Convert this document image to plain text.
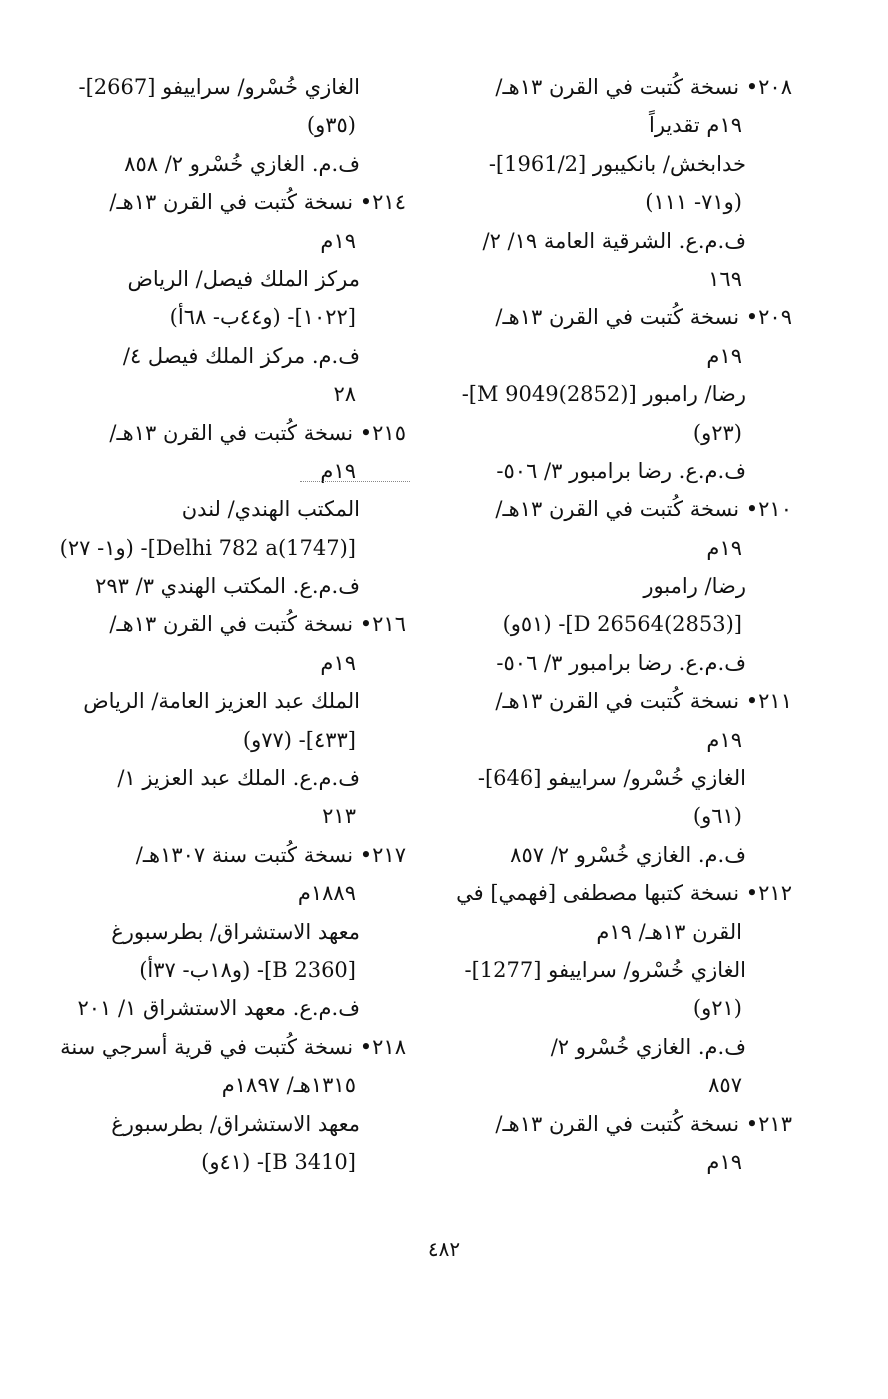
٢٠٨• نسخة كُتبت في القرن ١٣هـ/
١٩م تقديراً
خدابخش/ بانكيبور [1961/2]-
(و٧١- ١١١)
ف.م.ع. الشرقية العامة ١٩/ ٢/
١٦٩
٢٠٩• نسخة كُتبت في القرن ١٣هـ/
١٩م
رضا/ رامبور [M 9049(2852)]-
(٢٣و)
ف.م.ع. رضا برامبور ٣/ ٥٠٦-
٢١٠• نسخة كُتبت في القرن ١٣هـ/
١٩م
رضا/ رامبور
[D 26564(2853)]- (٥١و)
ف.م.ع. رضا برامبور ٣/ ٥٠٦-
٢١١• نسخة كُتبت في القرن ١٣هـ/
١٩م
الغازي خُسْرو/ سراييفو [646]-
(٦١و)
ف.م. الغازي خُسْرو ٢/ ٨٥٧
٢١٢• نسخة كتبها مصطفى [فهمي] في
القرن ١٣هـ/ ١٩م
الغازي خُسْرو/ سراييفو [1277]-
(٢١و)
ف.م. الغازي خُسْرو ٢/
٨٥٧
٢١٣• نسخة كُتبت في القرن ١٣هـ/
١٩م
الغازي خُسْرو/ سراييفو [2667]-
(٣٥و)
ف.م. الغازي خُسْرو ٢/ ٨٥٨
٢١٤• نسخة كُتبت في القرن ١٣هـ/
١٩م
مركز الملك فيصل/ الرياض
[١٠٢٢]- (و٤٤ب- ٦٨أ)
ف.م. مركز الملك فيصل ٤/
٢٨
٢١٥• نسخة كُتبت في القرن ١٣هـ/
١٩م
المكتب الهندي/ لندن
[Delhi 782 a(1747)]- (و١- ٢٧)
ف.م.ع. المكتب الهندي ٣/ ٢٩٣
٢١٦• نسخة كُتبت في القرن ١٣هـ/
١٩م
الملك عبد العزيز العامة/ الرياض
[٤٣٣]- (٧٧و)
ف.م.ع. الملك عبد العزيز ١/
٢١٣
٢١٧• نسخة كُتبت سنة ١٣٠٧هـ/
١٨٨٩م
معهد الاستشراق/ بطرسبورغ
[B 2360]- (و١٨ب- ٣٧أ)
ف.م.ع. معهد الاستشراق ١/ ٢٠١
٢١٨• نسخة كُتبت في قرية أسرجي سنة
١٣١٥هـ/ ١٨٩٧م
معهد الاستشراق/ بطرسبورغ
[B 3410]- (٤١و)
٤٨٢
